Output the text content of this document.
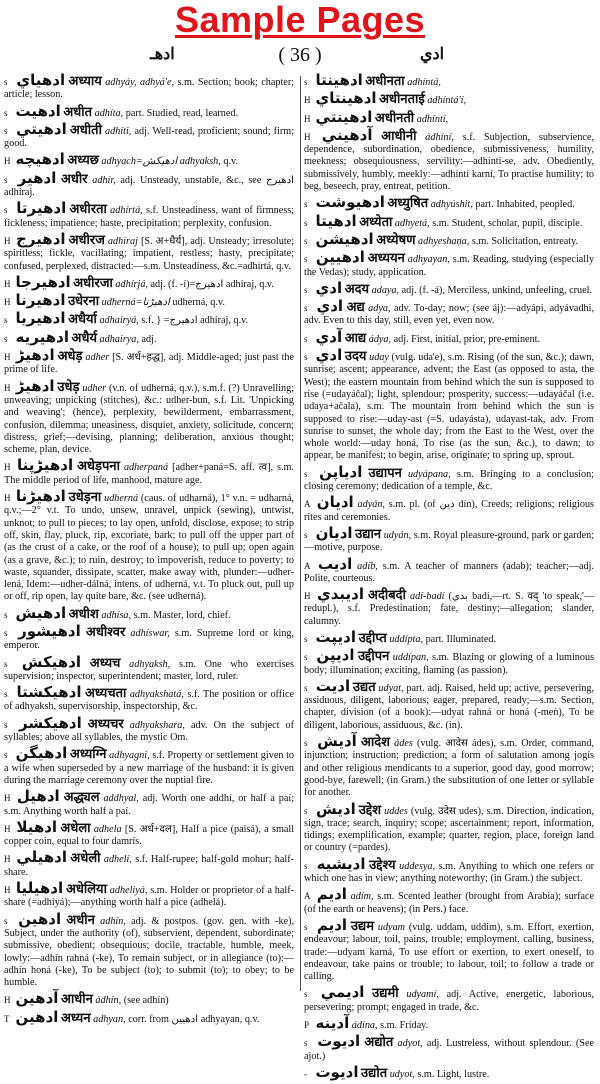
Sample Pages
ادهـ	( 36 )	ادي
s ادهياي अध्याय adhyáy, adhyá'e, s.m. Section; book; chapter; article; lesson.
s ادهيت अधीत adhíta, part. Studied, read, learned.
s ادهيتي अधीती adhíti, adj. Well-read, proficient; sound; firm; good.
H ادهيچه अध्यछ adhyach=ادهيكش adhyaksh, q.v.
s ادهير अधीर adhír, adj. Unsteady, unstable, &c., see ادهيرج adhíraj.
s ادهيرتا अधीरता adhírtá, s.f. Unsteadiness, want of firmness; fickleness; impatience; haste, precipitation; perplexity, confusion.
H ادهيرج अधीरज adhíraj [S. अ+धैर्य], adj. Unsteady; irresolute; spiritless; fickle, vacillating; impatient, restless; hasty, precipitate; confused, perplexed, distracted:—s.m. Unsteadiness, &c.=adhírtá, q.v.
H ادهيرجا अधीरजा adhírjá, adj. (f. -í)=ادهيرج adhíraj, q.v.
H ادهيرنا उधेरना udherná=ادهيڑنا udherná, q.v.
s ادهيريا अधैर्या adhairyá, s.f. } =ادهيرج adhíraj, q.v.
s ادهيريه अधैर्य adhairya, adj.
H ادهيڑ अधेड़ adher [S. अर्ध+हद्ध], adj. Middle-aged; just past the prime of life.
H ادهيڑ उधेड़ udher (v.n. of udherná, q.v.), s.m.f. (?) Unravelling; unweaving; unpicking (stitches), &c.: udher-bun, s.f. Lit. 'Unpicking and weaving'; (hence), perplexity, bewilderment, embarrassment, confusion, dilemma; uneasiness, disquiet, anxiety, solicitude, concern; distress, grief;—devising, planning; deliberation, anxious thought; scheme, plan, device.
H ادهيڑپنا अधेड़पना adherpaná [adher+paná=S. aff. त्व], s.m. The middle period of life, manhood, mature age.
H ادهيڑنا उधेड़ना udherná (caus. of udharná), 1° v.n. = udharná, q.v.;—2° v.t. To undo, unsew, unravel, unpick (sewing), untwist, unknot; to pull to pieces; to lay open, unfold, disclose, expose; to strip off, skin, flay, pluck, rip, excoriate, bark; to pull off the upper part of (as the crust of a cake, or the roof of a house); to pull up; open again (as a grave, &c.); to ruin, destroy; to impoverish, reduce to poverty; to waste, squander, dissipate, scatter, make away with, plunder:—udher-lená, Idem:—udher-dálná, intens. of udherná, v.t. To pluck out, pull up or off, rip open, lay quite bare, &c. (see udherná).
s ادهيش अधीश adhísa, s.m. Master, lord, chief.
s ادهيشور अधीश्वर adhíswar, s.m. Supreme lord or king, emperor.
s ادهيكش अध्यच adhyaksh, s.m. One who exercises supervision; inspector, superintendent; master, lord, ruler.
s ادهيكشتا अध्यचता adhyakshatá, s.f. The position or office of adhyaksh, supervisorship, inspectorship, &c.
s ادهيكشر अध्यचर adhyakshara, adv. On the subject of syllables; above all syllables, the mystic Om.
s ادهيگن अध्यग्नि adhyagni, s.f. Property or settlement given to a wife when superseded by a new marriage of the husband: it is given during the marriage ceremony over the nuptial fire.
H ادهيل अद्ध्यल addhyal, adj. Worth one addhí, or half a paí; s.m. Anything worth half a paí.
H ادهيلا अधेला adhela [S. अर्ध+दल], Half a pice (paisá), a small copper coin, equal to four damrís.
H ادهيلي अधेली adhelí, s.f. Half-rupee; half-gold mohur; half-share.
H ادهيليا अधेलिया adheliyá, s.m. Holder or proprietor of a half-share (=adhíyá);—anything worth half a pice (adhelá).
s ادهين अधीन adhín, adj. & postpos. (gov. gen. with -ke), Subject, under the authority (of), subservient, dependent, subordinate; submissive, obedient; obsequious; docile, tractable, humble, meek, lowly:—adhín rahná (-ke), To remain subject, or in allegiance (to):—adhín honá (-ke), To be subject (to); to submit (to); to obey; to be humble.
H آدهين आधीन ádhín, (see adhín)
T ادهين अध्यन adhyan, corr. from ادهيين adhyayan, q.v.
s ادهينتا अधीनता adhíntá,
H ادهينتاي अधीनताई adhíntá'í,
H ادهينتي अधीनती adhíntí,
H آدهيني आधीनी ádhíní, s.f. Subjection, subservience, dependence, subordination, obedience, submissiveness, humility, meekness; obsequiousness, servility:—adhíntí-se, adv. Obediently, submissively, humbly, meekly:—adhíntí karní, To practise humility; to beg, beseech, pray, entreat, petition.
s ادهيوشت अध्युषित adhyúshit, part. Inhabited, peopled.
s ادهيتا अध्येता adhyetá, s.m. Student, scholar, pupil, disciple.
s ادهيشن अध्येषण adhyeshaṇa, s.m. Solicitation, entreaty.
s ادهيين अध्ययन adhyayan, s.m. Reading, studying (especially the Vedas); study, application.
s ادي अदय adaya, adj. (f. -á), Merciless, unkind, unfeeling, cruel.
s ادي अद्य adya, adv. To-day; now; (see áj):—adyápi, adyávadhi, adv. Even to this day, still, even yet, even now.
s آدي आद्य ádya, adj. First, initial, prior, pre-eminent.
s ادي उदय uday (vulg. uda'e), s.m. Rising (of the sun, &c.); dawn, sunrise; ascent; appearance, advent; the East (as opposed to asta, the West); the eastern mountain from behind which the sun is supposed to rise (=udayáčal); light, splendour; prosperity, success:—udayáčal (i.e. udaya+ačala), s.m. The mountain from behind which the sun is supposed to rise:—uday-ast (=S. udayásta), udayast-tak, adv. From sunrise to sunset, the whole day; from the East to the West, over the whole world:—uday honá, To rise (as the sun, &c.), to dawn; to appear, be manifest; to begin, arise, originate; to spring up, sprout.
s ادياپن उद्यापन udyápana, s.m. Bringing to a conclusion; closing ceremony; dedication of a temple, &c.
A اديان adyán, s.m. pl. (of دين dín), Creeds; religions; religious rites and ceremonies.
s اديان उद्यान udyán, s.m. Royal pleasure-ground, park or garden;—motive, purpose.
A اديب adíb, s.m. A teacher of manners (adab); teacher;—adj. Polite, courteous.
H اديبدي अदीबदी adí-badí (بدي badí,—rt. S. वद् 'to speak,'—redupl.), s.f. Predestination; fate, destiny;—allegation; slander, calumny.
s اديپت उद्दीप्त uddípta, part. Illuminated.
s اديپن उद्दीपन uddípan, s.m. Blazing or glowing of a luminous body; illumination; exciting, flaming (as passion).
s اديت उद्यत udyat, part. adj. Raised, held up; active, persevering, assiduous, diligent, laborious; eager, prepared, ready;—s.m. Section, chapter, division (of a book):—udyat rahná or honá (-meṅ), To be diligent, laborious, assiduous, &c. (in).
s آديش आदेश ádes (vulg. आदेस ádes), s.m. Order, command, injunction; instruction; prediction; a form of salutation among jogís and other religious mendicants to a superior, good day, good morrow; good-bye, farewell; (in Gram.) the substitution of one letter or syllable for another.
s اديش उद्देश uddes (vulg. उदेस udes), s.m. Direction, indication, sign, trace; search, inquiry; scope; ascertainment; report, information, tidings; exemplification, example; quarter, region, place, foreign land or country (=pardes).
s اديشيه उद्देश्य uddesya, s.m. Anything to which one refers or which one has in view; anything noteworthy; (in Gram.) the subject.
A اديم adím, s.m. Scented leather (brought from Arabia); surface (of the earth or heavens); (in Pers.) face.
s اديم उद्यम udyam (vulg. uddam, uddim), s.m. Effort, exertion, endeavour; labour, toil, pains, trouble; employment, calling, business, trade:—udyam karná, To use effort or exertion, to exert oneself, to endeavour, take pains or trouble; to labour, toil; to follow a trade or calling.
s اديمي उद्यमी udyamí, adj. Active, energetic, laborious, persevering; prompt; engaged in trade, &c.
P آدينه ádína, s.m. Friday.
s اديوت अद्योत adyot, adj. Lustreless, without splendour. (See ajot.)
- اديوت उद्योत udyot, s.m. Light, lustre.
